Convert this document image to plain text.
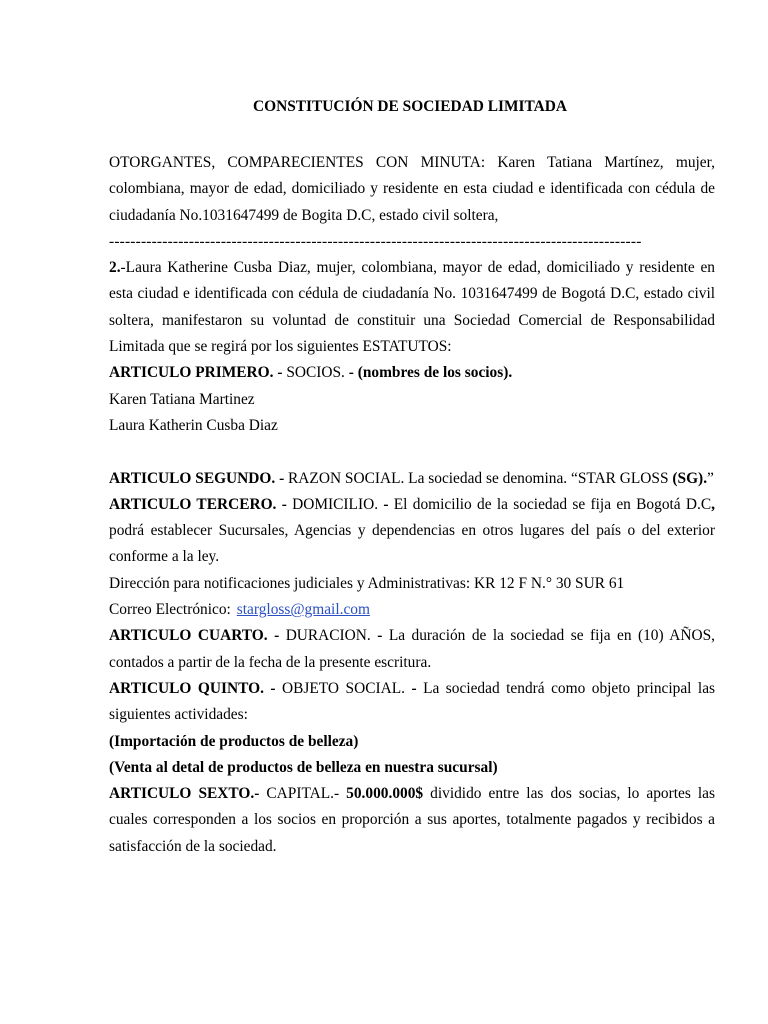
CONSTITUCIÓN DE SOCIEDAD LIMITADA

OTORGANTES, COMPARECIENTES CON MINUTA: Karen Tatiana Martínez, mujer, colombiana, mayor de edad, domiciliado y residente en esta ciudad e identificada con cédula de ciudadanía No.1031647499 de Bogita D.C, estado civil soltera,

----------------------------------------------------------------------------------------------------

2.-Laura Katherine Cusba Diaz, mujer, colombiana, mayor de edad, domiciliado y residente en esta ciudad e identificada con cédula de ciudadanía No. 1031647499 de Bogotá D.C, estado civil soltera, manifestaron su voluntad de constituir una Sociedad Comercial de Responsabilidad Limitada que se regirá por los siguientes ESTATUTOS:

ARTICULO PRIMERO. - SOCIOS. - (nombres de los socios).

Karen Tatiana Martinez

Laura Katherin Cusba Diaz

ARTICULO SEGUNDO. - RAZON SOCIAL. La sociedad se denomina. “STAR GLOSS (SG).”

ARTICULO TERCERO. - DOMICILIO. - El domicilio de la sociedad se fija en Bogotá D.C, podrá establecer Sucursales, Agencias y dependencias en otros lugares del país o del exterior conforme a la ley.

Dirección para notificaciones judiciales y Administrativas: KR 12 F N.° 30 SUR 61

Correo Electrónico: stargloss@gmail.com

ARTICULO CUARTO. - DURACION. - La duración de la sociedad se fija en (10) AÑOS, contados a partir de la fecha de la presente escritura.

ARTICULO QUINTO. - OBJETO SOCIAL. - La sociedad tendrá como objeto principal las siguientes actividades:

(Importación de productos de belleza)

(Venta al detal de productos de belleza en nuestra sucursal)

ARTICULO SEXTO.- CAPITAL.- 50.000.000$ dividido entre las dos socias, lo aportes las cuales corresponden a los socios en proporción a sus aportes, totalmente pagados y recibidos a satisfacción de la sociedad.
